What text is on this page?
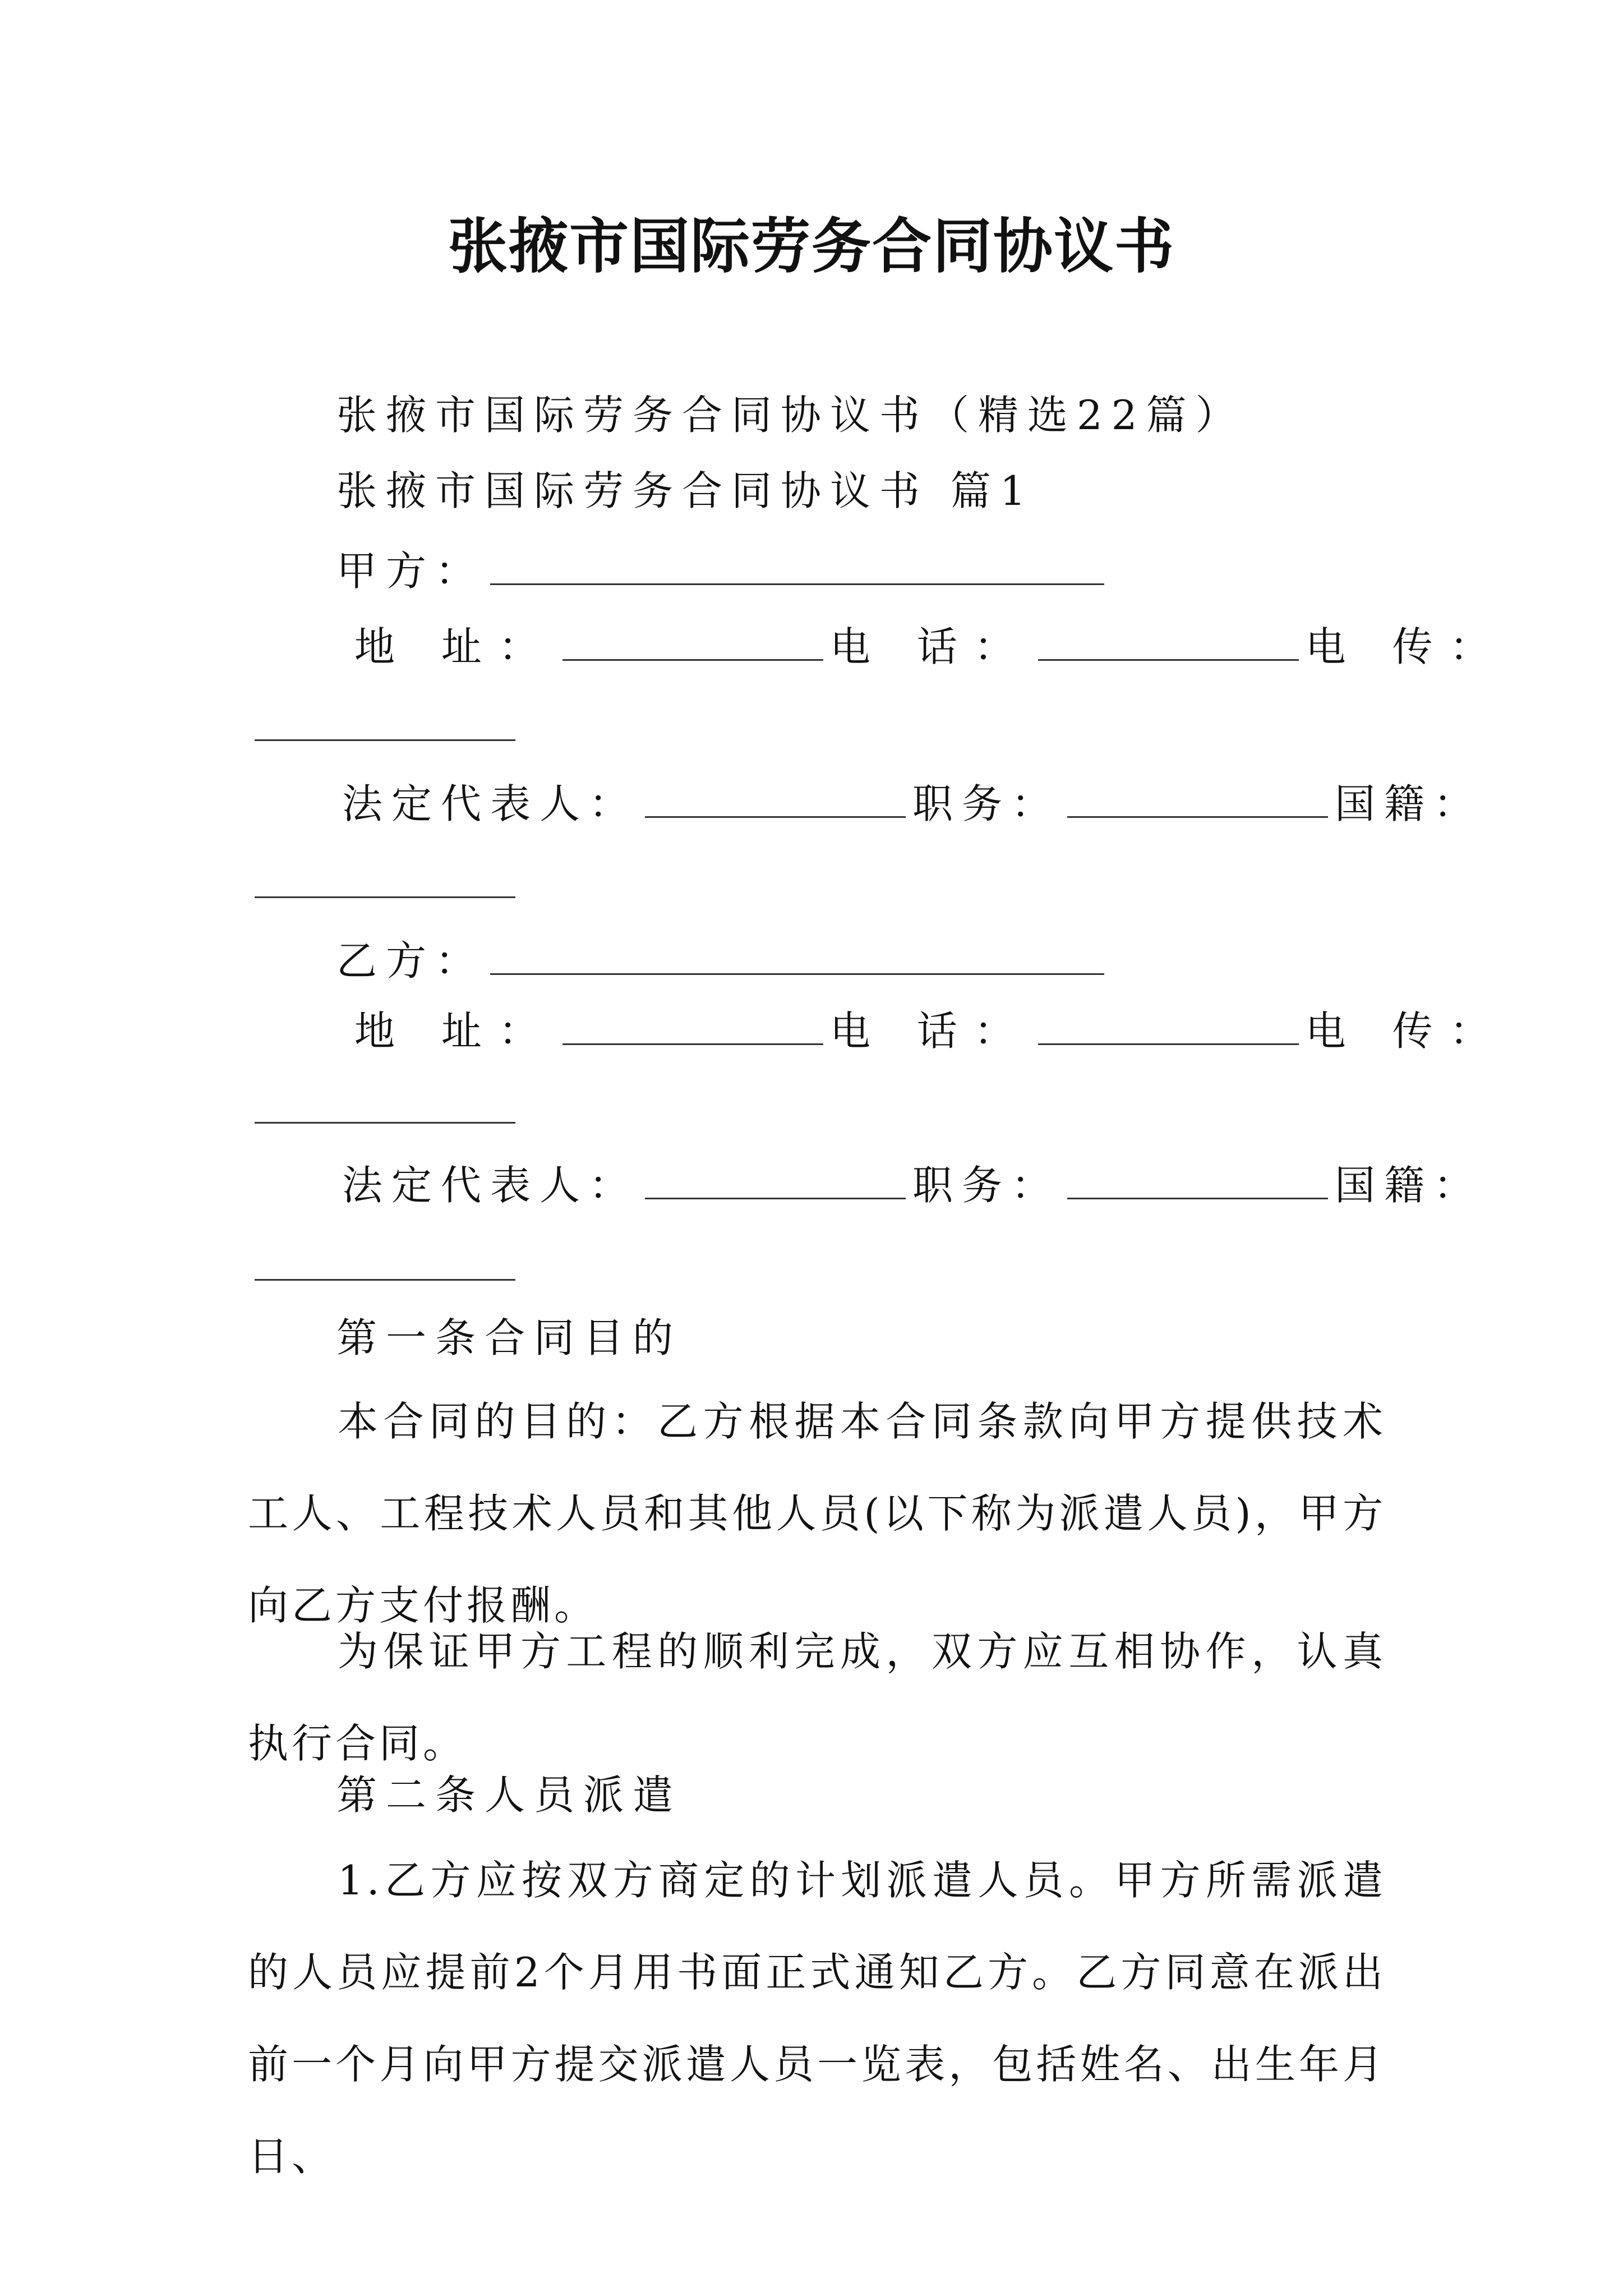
张掖市国际劳务合同协议书
张掖市国际劳务合同协议书（精选22篇）
张掖市国际劳务合同协议书 篇1
甲方：
地 址：	电 话：	电 传：
法定代表人：	职务：	国籍：
乙方：
地 址：	电 话：	电 传：
法定代表人：	职务：	国籍：
第一条合同目的
本合同的目的：乙方根据本合同条款向甲方提供技术工人、工程技术人员和其他人员(以下称为派遣人员)，甲方向乙方支付报酬。
为保证甲方工程的顺利完成，双方应互相协作，认真执行合同。
第二条人员派遣
1.乙方应按双方商定的计划派遣人员。甲方所需派遣的人员应提前2个月用书面正式通知乙方。乙方同意在派出前一个月向甲方提交派遣人员一览表，包括姓名、出生年月日、
